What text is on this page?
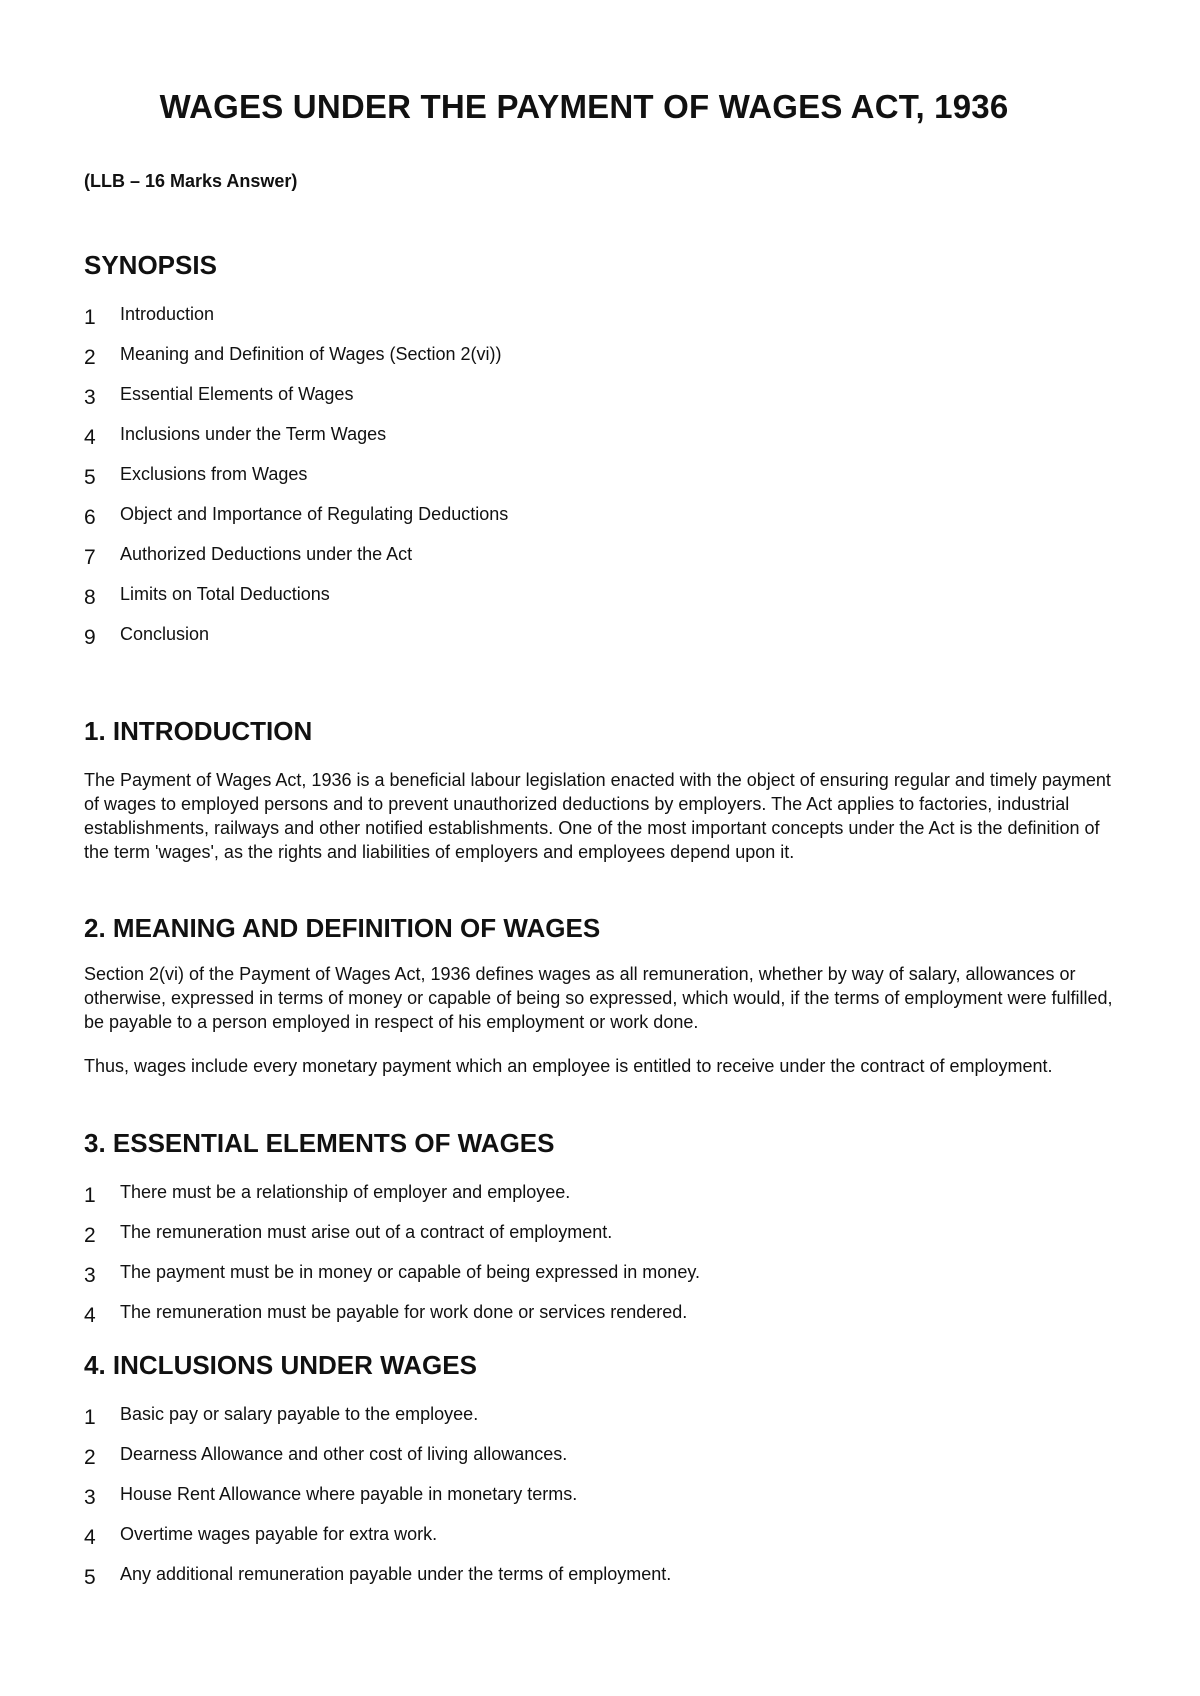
WAGES UNDER THE PAYMENT OF WAGES ACT, 1936

(LLB – 16 Marks Answer)

SYNOPSIS
1	Introduction
2	Meaning and Definition of Wages (Section 2(vi))
3	Essential Elements of Wages
4	Inclusions under the Term Wages
5	Exclusions from Wages
6	Object and Importance of Regulating Deductions
7	Authorized Deductions under the Act
8	Limits on Total Deductions
9	Conclusion
1. INTRODUCTION

The Payment of Wages Act, 1936 is a beneficial labour legislation enacted with the object of ensuring regular and timely payment of wages to employed persons and to prevent unauthorized deductions by employers. The Act applies to factories, industrial establishments, railways and other notified establishments. One of the most important concepts under the Act is the definition of the term 'wages', as the rights and liabilities of employers and employees depend upon it.

2. MEANING AND DEFINITION OF WAGES

Section 2(vi) of the Payment of Wages Act, 1936 defines wages as all remuneration, whether by way of salary, allowances or otherwise, expressed in terms of money or capable of being so expressed, which would, if the terms of employment were fulfilled, be payable to a person employed in respect of his employment or work done.

Thus, wages include every monetary payment which an employee is entitled to receive under the contract of employment.

3. ESSENTIAL ELEMENTS OF WAGES
1	There must be a relationship of employer and employee.
2	The remuneration must arise out of a contract of employment.
3	The payment must be in money or capable of being expressed in money.
4	The remuneration must be payable for work done or services rendered.
4. INCLUSIONS UNDER WAGES
1	Basic pay or salary payable to the employee.
2	Dearness Allowance and other cost of living allowances.
3	House Rent Allowance where payable in monetary terms.
4	Overtime wages payable for extra work.
5	Any additional remuneration payable under the terms of employment.
